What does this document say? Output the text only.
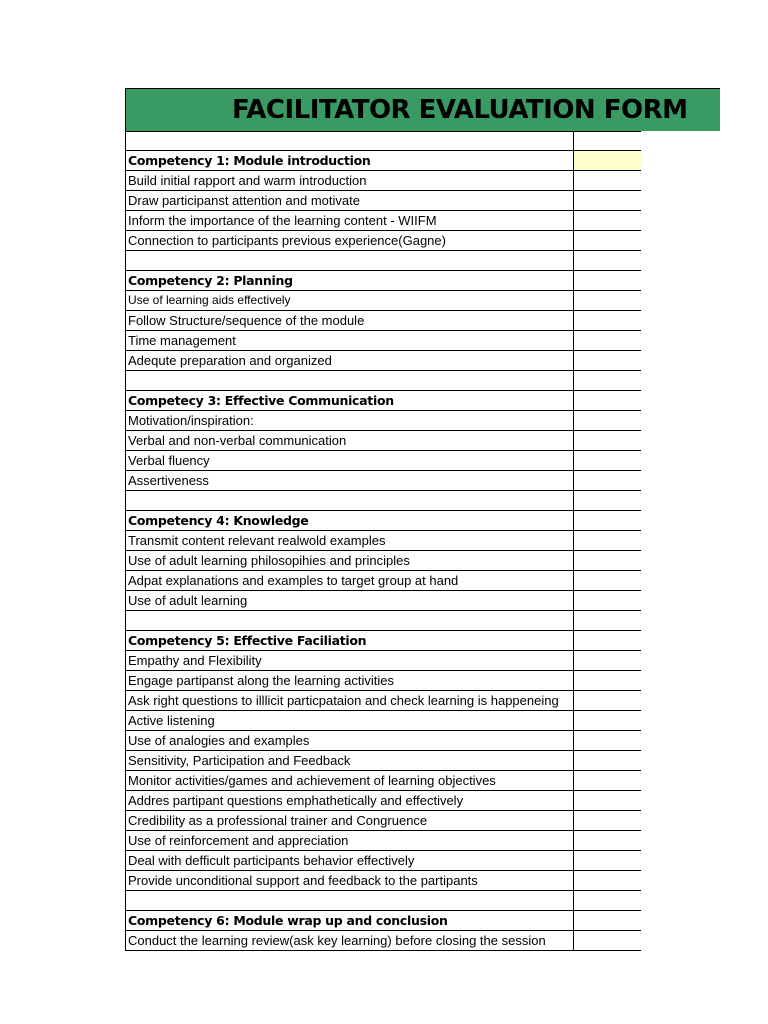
FACILITATOR EVALUATION FORM
Competency 1: Module introduction
Build initial rapport and warm introduction
Draw participanst attention and motivate
Inform the importance of the learning content - WIIFM
Connection to participants previous experience(Gagne)
Competency 2: Planning
Use of learning aids effectively
Follow Structure/sequence of the module
Time management
Adequte preparation and organized
Competecy 3: Effective Communication
Motivation/inspiration:
Verbal and non-verbal communication
Verbal fluency
Assertiveness
Competency 4: Knowledge
Transmit content relevant realwold examples
Use of adult learning philosopihies and principles
Adpat explanations and examples to target group at hand
Use of adult learning
Competency 5: Effective Faciliation
Empathy and Flexibility
Engage partipanst along the learning activities
Ask right questions to illlicit particpataion and check learning is happeneing
Active listening
Use of analogies and examples
Sensitivity, Participation and Feedback
Monitor activities/games and achievement of learning objectives
Addres partipant questions emphathetically and effectively
Credibility as a professional trainer and Congruence
Use of reinforcement and appreciation
Deal with defficult participants behavior effectively
Provide unconditional support and feedback to the partipants
Competency 6: Module wrap up and conclusion
Conduct the learning review(ask key learning) before closing the session
